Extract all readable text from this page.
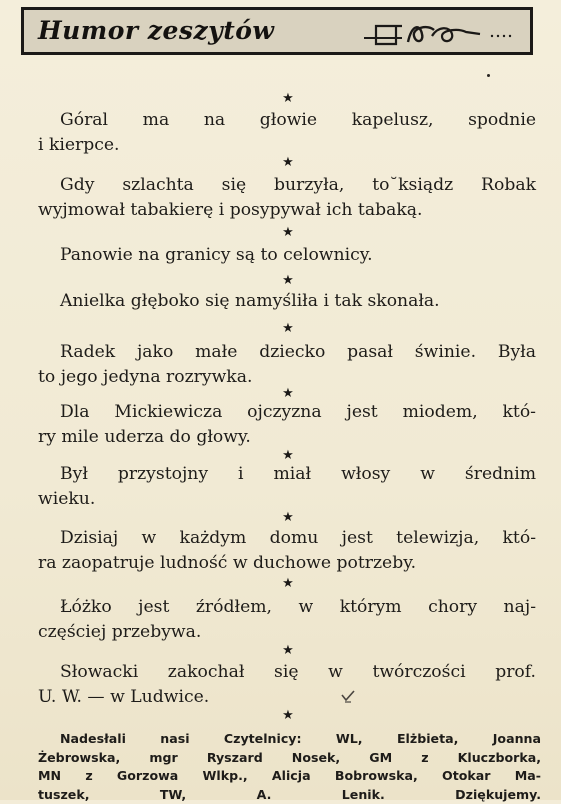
Humor zeszytów
★
Góral ma na głowie kapelusz, spodnie
i kierpce.
★
Gdy szlachta się burzyła, to˘ksiądz Robak
wyjmował tabakierę i posypywał ich tabaką.
★
Panowie na granicy są to celownicy.
★
Anielka głęboko się namyśliła i tak skonała.
★
Radek jako małe dziecko pasał świnie. Była
to jego jedyna rozrywka.
★
Dla Mickiewicza ojczyzna jest miodem, któ-
ry mile uderza do głowy.
★
Był przystojny i miał włosy w średnim
wieku.
★
Dzisiaj w każdym domu jest telewizja, któ-
ra zaopatruje ludność w duchowe potrzeby.
★
Łóżko jest źródłem, w którym chory naj-
częściej przebywa.
★
Słowacki zakochał się w twórczości prof.
U. W. — w Ludwice.
★
Nadesłali nasi Czytelnicy: WL, Elżbieta, Joanna
Żebrowska, mgr Ryszard Nosek, GM z Kluczborka,
MN z Gorzowa Wlkp., Alicja Bobrowska, Otokar Ma-
tuszek, TW, A. Lenik. Dziękujemy.
